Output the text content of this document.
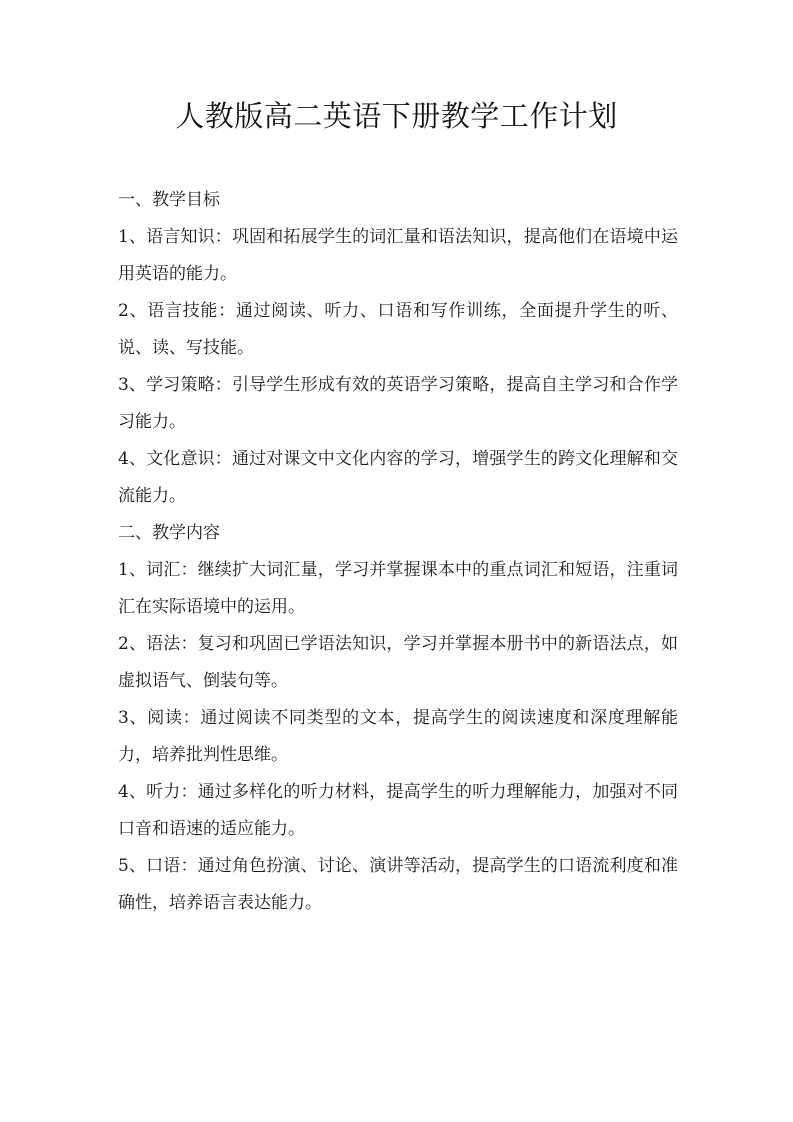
人教版高二英语下册教学工作计划

一、教学目标

1、语言知识：巩固和拓展学生的词汇量和语法知识，提高他们在语境中运用英语的能力。

2、语言技能：通过阅读、听力、口语和写作训练，全面提升学生的听、说、读、写技能。

3、学习策略：引导学生形成有效的英语学习策略，提高自主学习和合作学习能力。

4、文化意识：通过对课文中文化内容的学习，增强学生的跨文化理解和交流能力。

二、教学内容

1、词汇：继续扩大词汇量，学习并掌握课本中的重点词汇和短语，注重词汇在实际语境中的运用。

2、语法：复习和巩固已学语法知识，学习并掌握本册书中的新语法点，如虚拟语气、倒装句等。

3、阅读：通过阅读不同类型的文本，提高学生的阅读速度和深度理解能力，培养批判性思维。

4、听力：通过多样化的听力材料，提高学生的听力理解能力，加强对不同口音和语速的适应能力。

5、口语：通过角色扮演、讨论、演讲等活动，提高学生的口语流利度和准确性，培养语言表达能力。
